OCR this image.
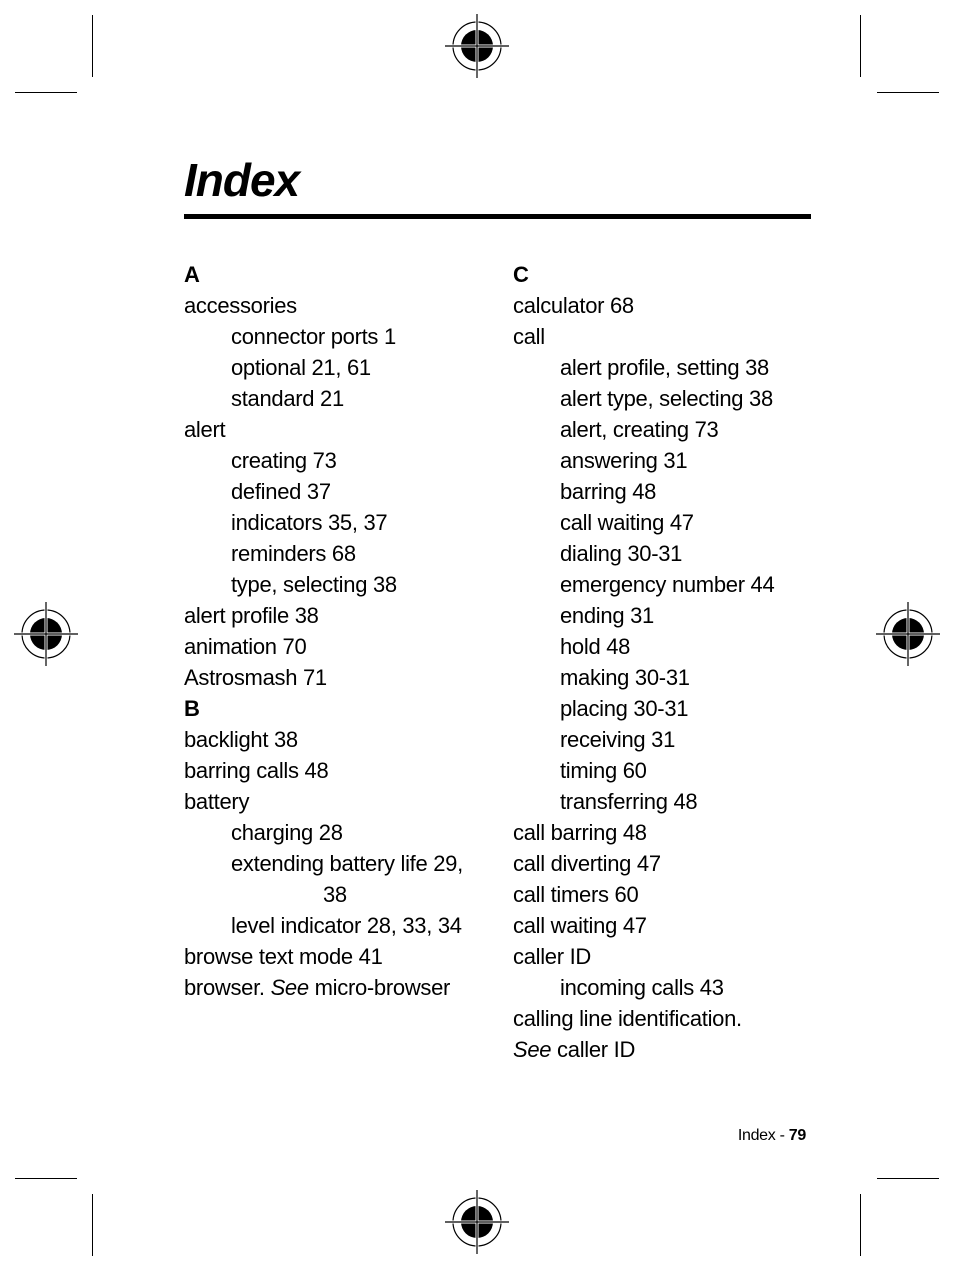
Index
A
accessories
connector ports 1
optional 21, 61
standard 21
alert
creating 73
defined 37
indicators 35, 37
reminders 68
type, selecting 38
alert profile 38
animation 70
Astrosmash 71
B
backlight 38
barring calls 48
battery
charging 28
extending battery life 29,
38
level indicator 28, 33, 34
browse text mode 41
browser. See micro-browser
C
calculator 68
call
alert profile, setting 38
alert type, selecting 38
alert, creating 73
answering 31
barring 48
call waiting 47
dialing 30-31
emergency number 44
ending 31
hold 48
making 30-31
placing 30-31
receiving 31
timing 60
transferring 48
call barring 48
call diverting 47
call timers 60
call waiting 47
caller ID
incoming calls 43
calling line identification.
See caller ID
Index - 79
